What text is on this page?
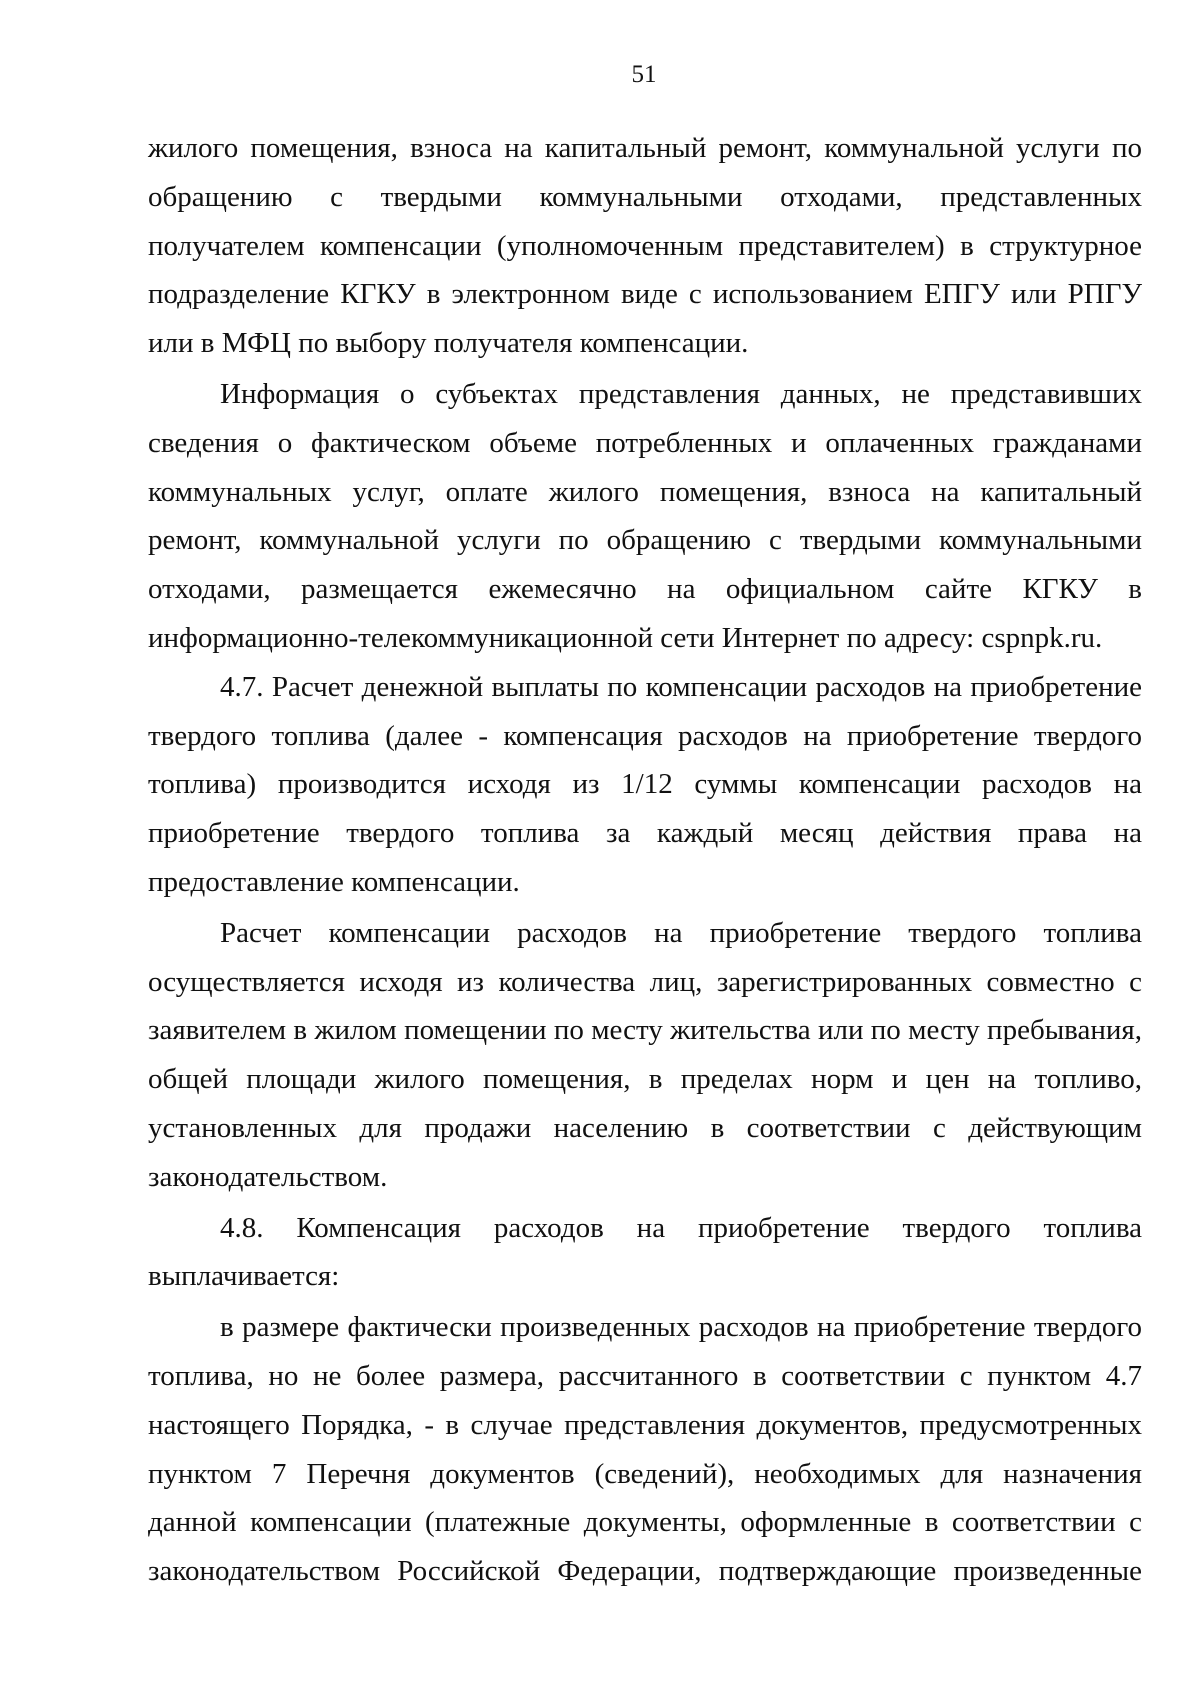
51

жилого помещения, взноса на капитальный ремонт, коммунальной услуги по обращению с твердыми коммунальными отходами, представленных получателем компенсации (уполномоченным представителем) в структурное подразделение КГКУ в электронном виде с использованием ЕПГУ или РПГУ или в МФЦ по выбору получателя компенсации.

Информация о субъектах представления данных, не представивших сведения о фактическом объеме потребленных и оплаченных гражданами коммунальных услуг, оплате жилого помещения, взноса на капитальный ремонт, коммунальной услуги по обращению с твердыми коммунальными отходами, размещается ежемесячно на официальном сайте КГКУ в информационно-телекоммуникационной сети Интернет по адресу: cspnpk.ru.

4.7. Расчет денежной выплаты по компенсации расходов на приобретение твердого топлива (далее - компенсация расходов на приобретение твердого топлива) производится исходя из 1/12 суммы компенсации расходов на приобретение твердого топлива за каждый месяц действия права на предоставление компенсации.

Расчет компенсации расходов на приобретение твердого топлива осуществляется исходя из количества лиц, зарегистрированных совместно с заявителем в жилом помещении по месту жительства или по месту пребывания, общей площади жилого помещения, в пределах норм и цен на топливо, установленных для продажи населению в соответствии с действующим законодательством.

4.8. Компенсация расходов на приобретение твердого топлива выплачивается:

в размере фактически произведенных расходов на приобретение твердого топлива, но не более размера, рассчитанного в соответствии с пунктом 4.7 настоящего Порядка, - в случае представления документов, предусмотренных пунктом 7 Перечня документов (сведений), необходимых для назначения данной компенсации (платежные документы, оформленные в соответствии с законодательством Российской Федерации, подтверждающие произведенные
